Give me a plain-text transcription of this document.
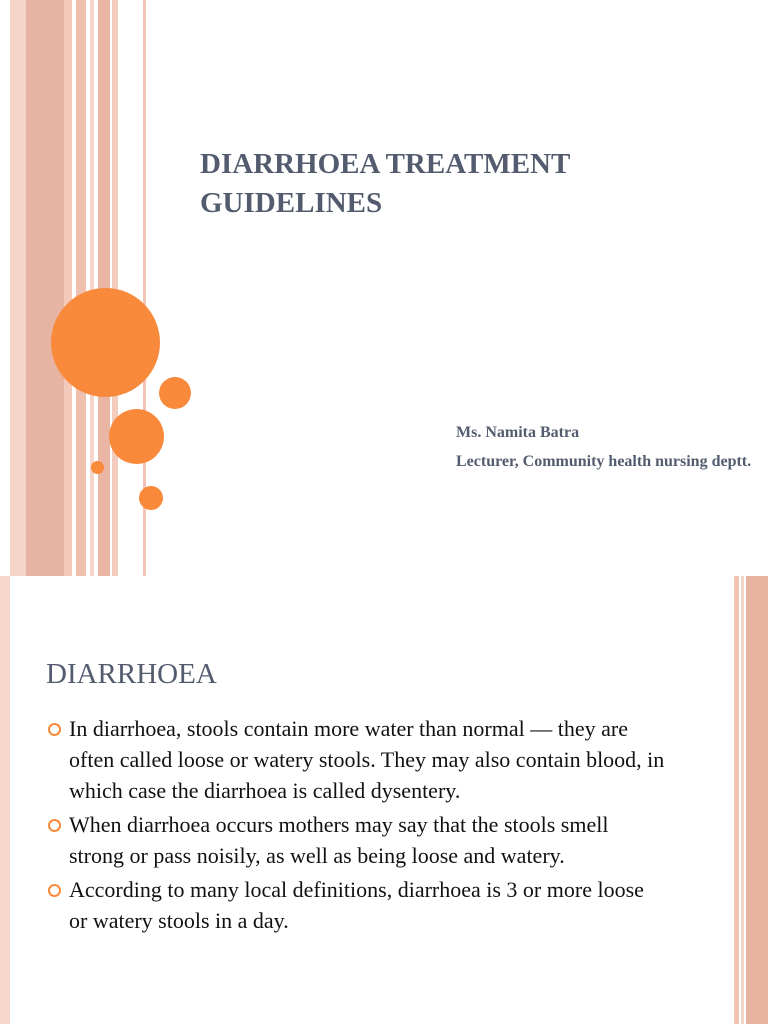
DIARRHOEA TREATMENT GUIDELINES
Ms. Namita Batra
Lecturer, Community health nursing deptt.
DIARRHOEA
In diarrhoea, stools contain more water than normal — they are often called loose or watery stools. They may also contain blood, in which case the diarrhoea is called dysentery.
When diarrhoea occurs mothers may say that the stools smell strong or pass noisily, as well as being loose and watery.
According to many local definitions, diarrhoea is 3 or more loose or watery stools in a day.
